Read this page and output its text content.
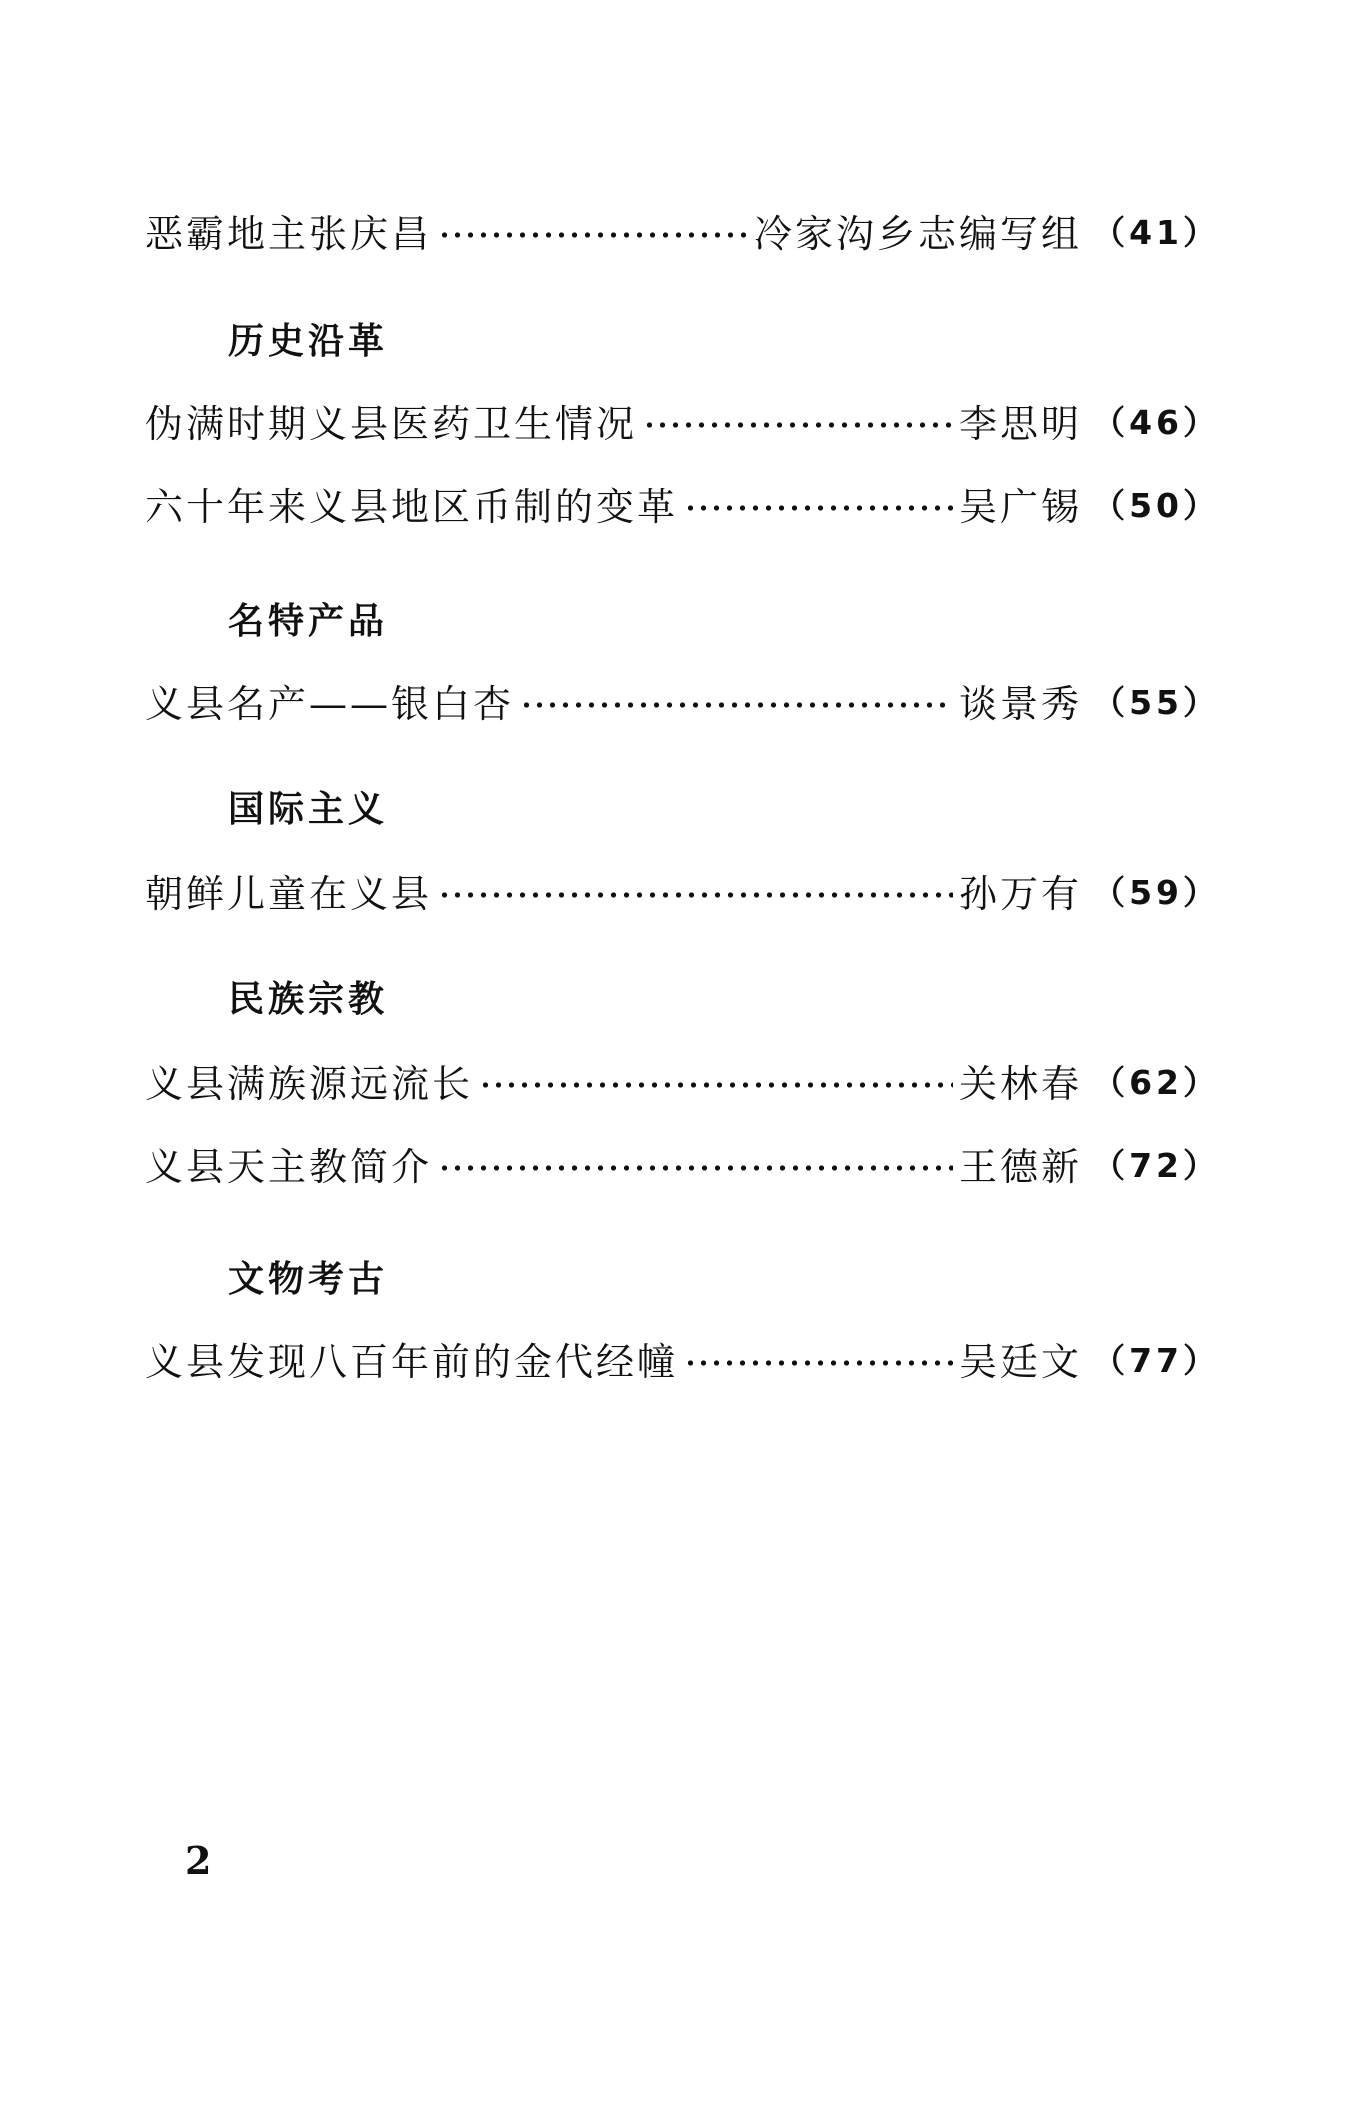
恶霸地主张庆昌	冷家沟乡志编写组 （41）
历史沿革
伪满时期义县医药卫生情况	李思明 （46）
六十年来义县地区币制的变革	吴广锡 （50）
名特产品
义县名产——银白杏	谈景秀 （55）
国际主义
朝鲜儿童在义县	孙万有 （59）
民族宗教
义县满族源远流长	关林春 （62）
义县天主教简介	王德新 （72）
文物考古
义县发现八百年前的金代经幢	吴廷文 （77）
2
